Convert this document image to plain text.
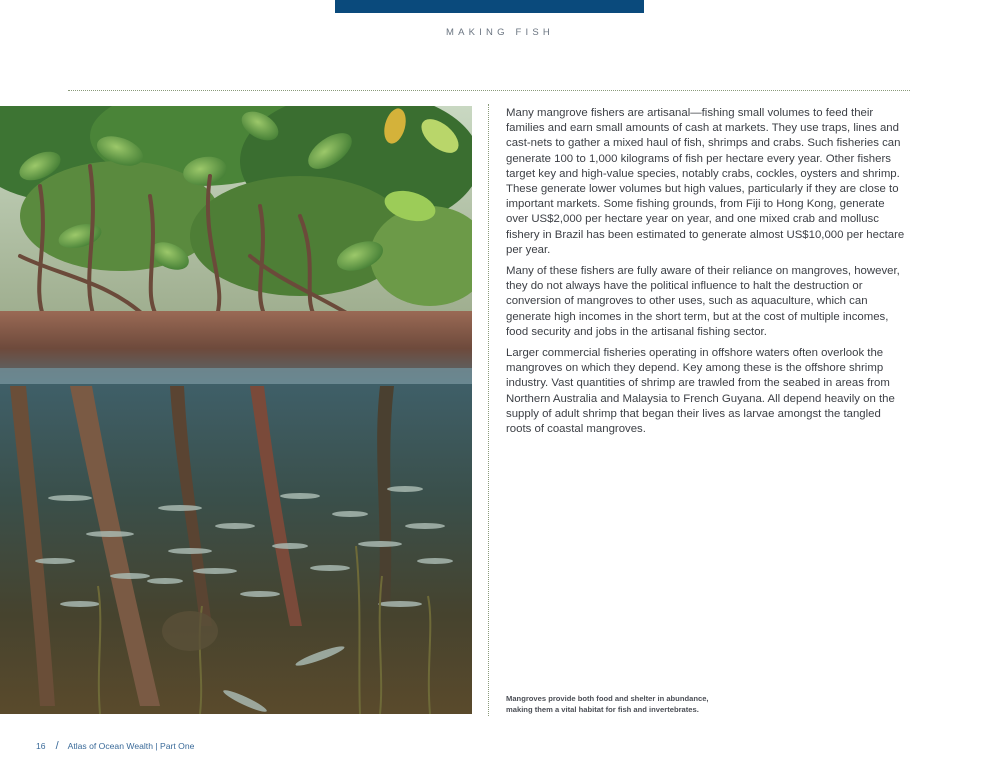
MAKING FISH

Many mangrove fishers are artisanal—fishing small volumes to feed their families and earn small amounts of cash at markets. They use traps, lines and cast-nets to gather a mixed haul of fish, shrimps and crabs. Such fisheries can generate 100 to 1,000 kilograms of fish per hectare every year. Other fishers target key and high-value species, notably crabs, cockles, oysters and shrimp. These generate lower volumes but high values, particularly if they are close to important markets. Some fishing grounds, from Fiji to Hong Kong, generate over US$2,000 per hectare year on year, and one mixed crab and mollusc fishery in Brazil has been estimated to generate almost US$10,000 per hectare per year.

Many of these fishers are fully aware of their reliance on mangroves, however, they do not always have the political influence to halt the destruction or conversion of mangroves to other uses, such as aquaculture, which can generate high incomes in the short term, but at the cost of multiple incomes, food security and jobs in the artisanal fishing sector.

Larger commercial fisheries operating in offshore waters often overlook the mangroves on which they depend. Key among these is the offshore shrimp industry. Vast quantities of shrimp are trawled from the seabed in areas from Northern Australia and Malaysia to French Guyana. All depend heavily on the supply of adult shrimp that began their lives as larvae amongst the tangled roots of coastal mangroves.

Mangroves provide both food and shelter in abundance,
making them a vital habitat for fish and invertebrates.
16 / Atlas of Ocean Wealth | Part One
